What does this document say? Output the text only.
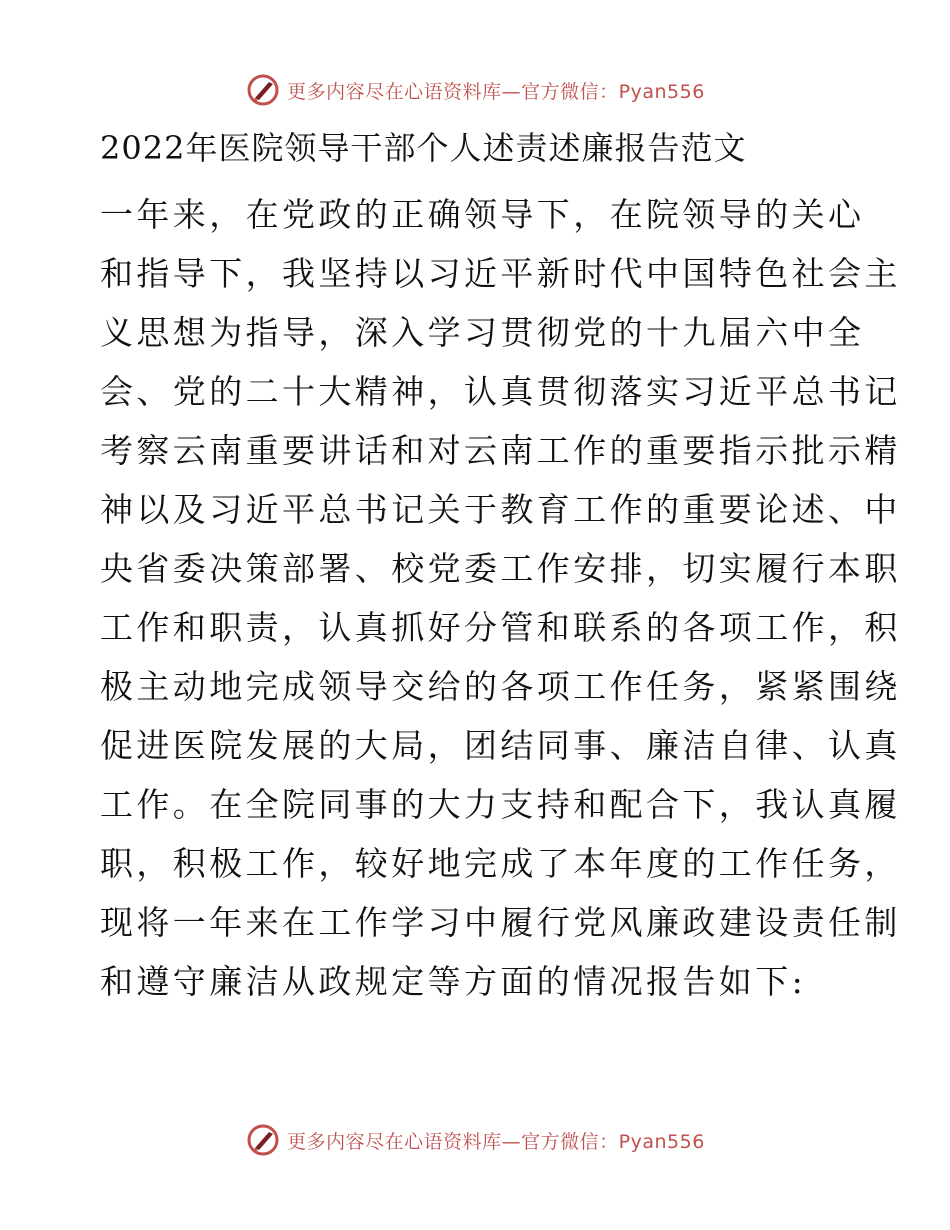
更多内容尽在心语资料库—官方微信：Pyan556
2022年医院领导干部个人述责述廉报告范文
一年来，在党政的正确领导下，在院领导的关心
和指导下，我坚持以习近平新时代中国特色社会主
义思想为指导，深入学习贯彻党的十九届六中全
会、党的二十大精神，认真贯彻落实习近平总书记
考察云南重要讲话和对云南工作的重要指示批示精
神以及习近平总书记关于教育工作的重要论述、中
央省委决策部署、校党委工作安排，切实履行本职
工作和职责，认真抓好分管和联系的各项工作，积
极主动地完成领导交给的各项工作任务，紧紧围绕
促进医院发展的大局，团结同事、廉洁自律、认真
工作。在全院同事的大力支持和配合下，我认真履
职，积极工作，较好地完成了本年度的工作任务，
现将一年来在工作学习中履行党风廉政建设责任制
和遵守廉洁从政规定等方面的情况报告如下:
更多内容尽在心语资料库—官方微信：Pyan556
